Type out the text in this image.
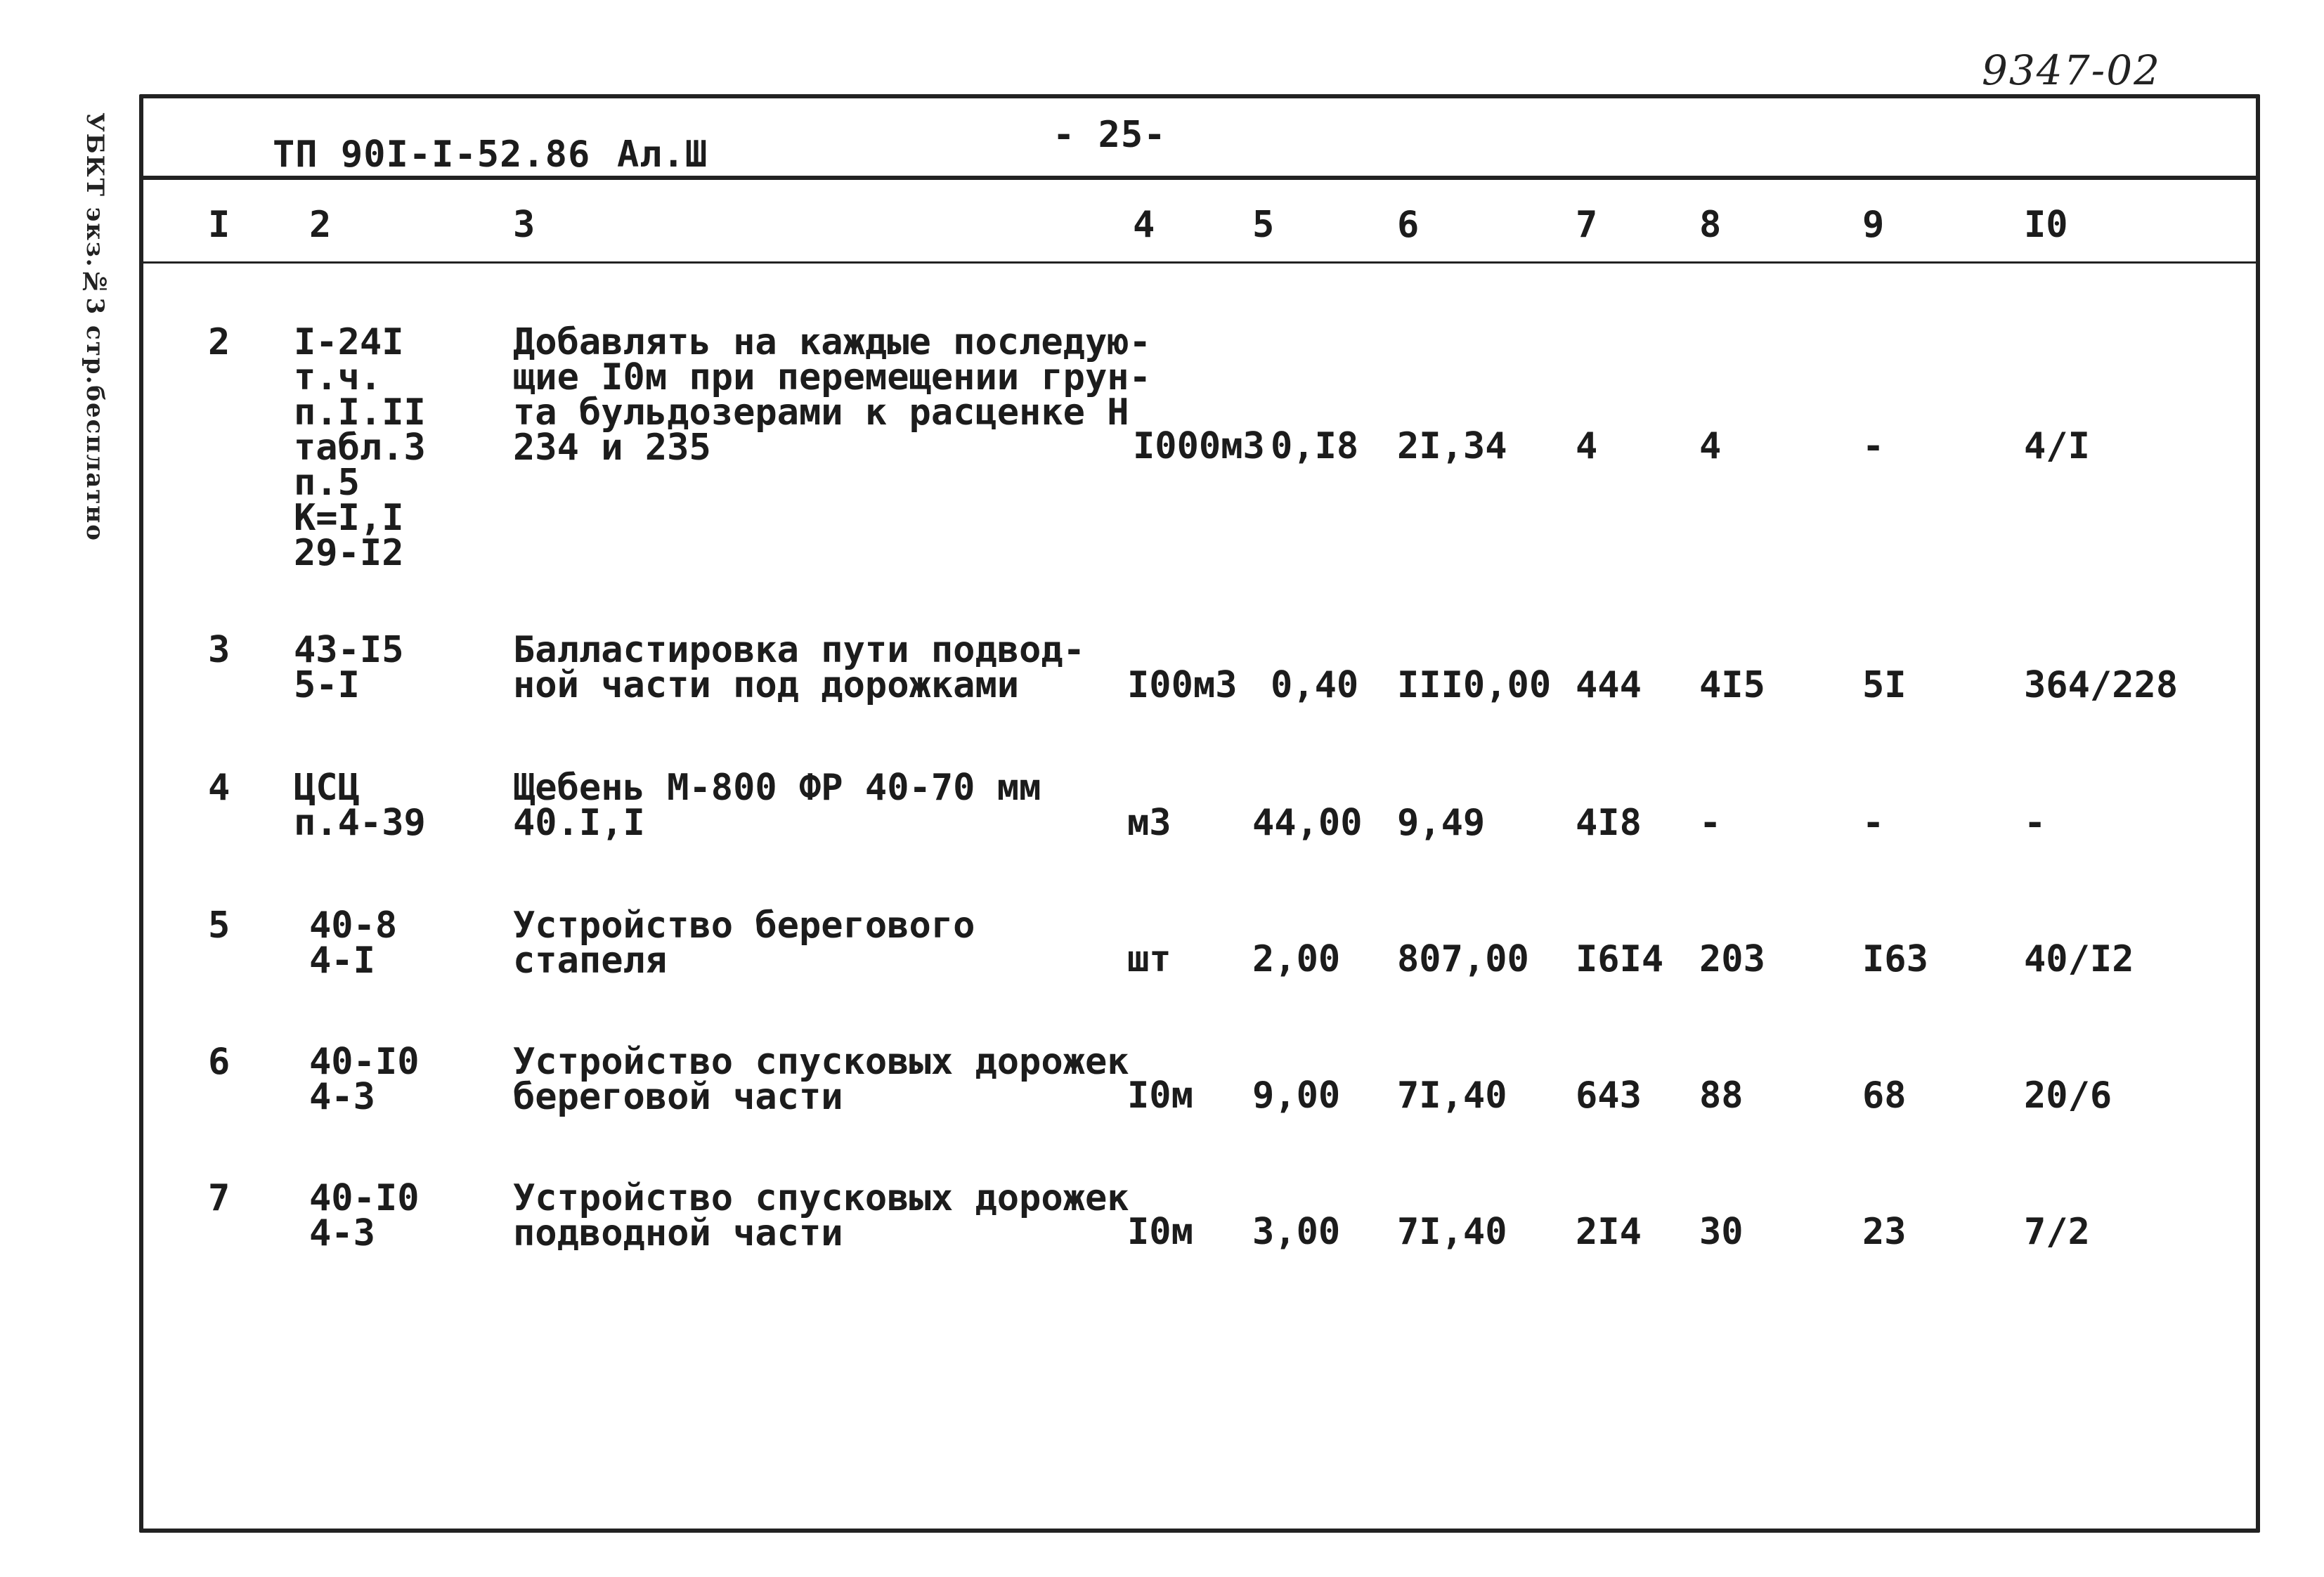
9347-02
УБКТ экз.№3 стр.бесплатно	ТП 90I-I-52.86 Ал.Ш	- 25-
I 2	3	4	5	6	7	8	9	I0
2 I-24I
т.ч.
п.I.II
табл.3
п.5
К=I,I
29-I2
Добавлять на каждые последую-
щие I0м при перемещении грун-
та бульдозерами к расценке Н
234 и 235	I000м3 0,I8 2I,34 4	4	-	4/I
3 43-I5
5-I
Балластировка пути подвод-
ной части под дорожками	I00м3 0,40 III0,00 444 4I5	5I	364/228
4 ЦСЦ
п.4-39
Щебень М-800 ФР 40-70 мм
40.I,I	м3 44,00 9,49 4I8 -	-	-
5 40-8
4-I
Устройство берегового
стапеля	шт 2,00 807,00 I6I4 203	I63	40/I2
6 40-I0
4-3
Устройство спусковых дорожек
береговой части	I0м 9,00 7I,40 643 88	68	20/6
7 40-I0
4-3
Устройство спусковых дорожек
подводной части	I0м 3,00 7I,40 2I4 30	23	7/2
